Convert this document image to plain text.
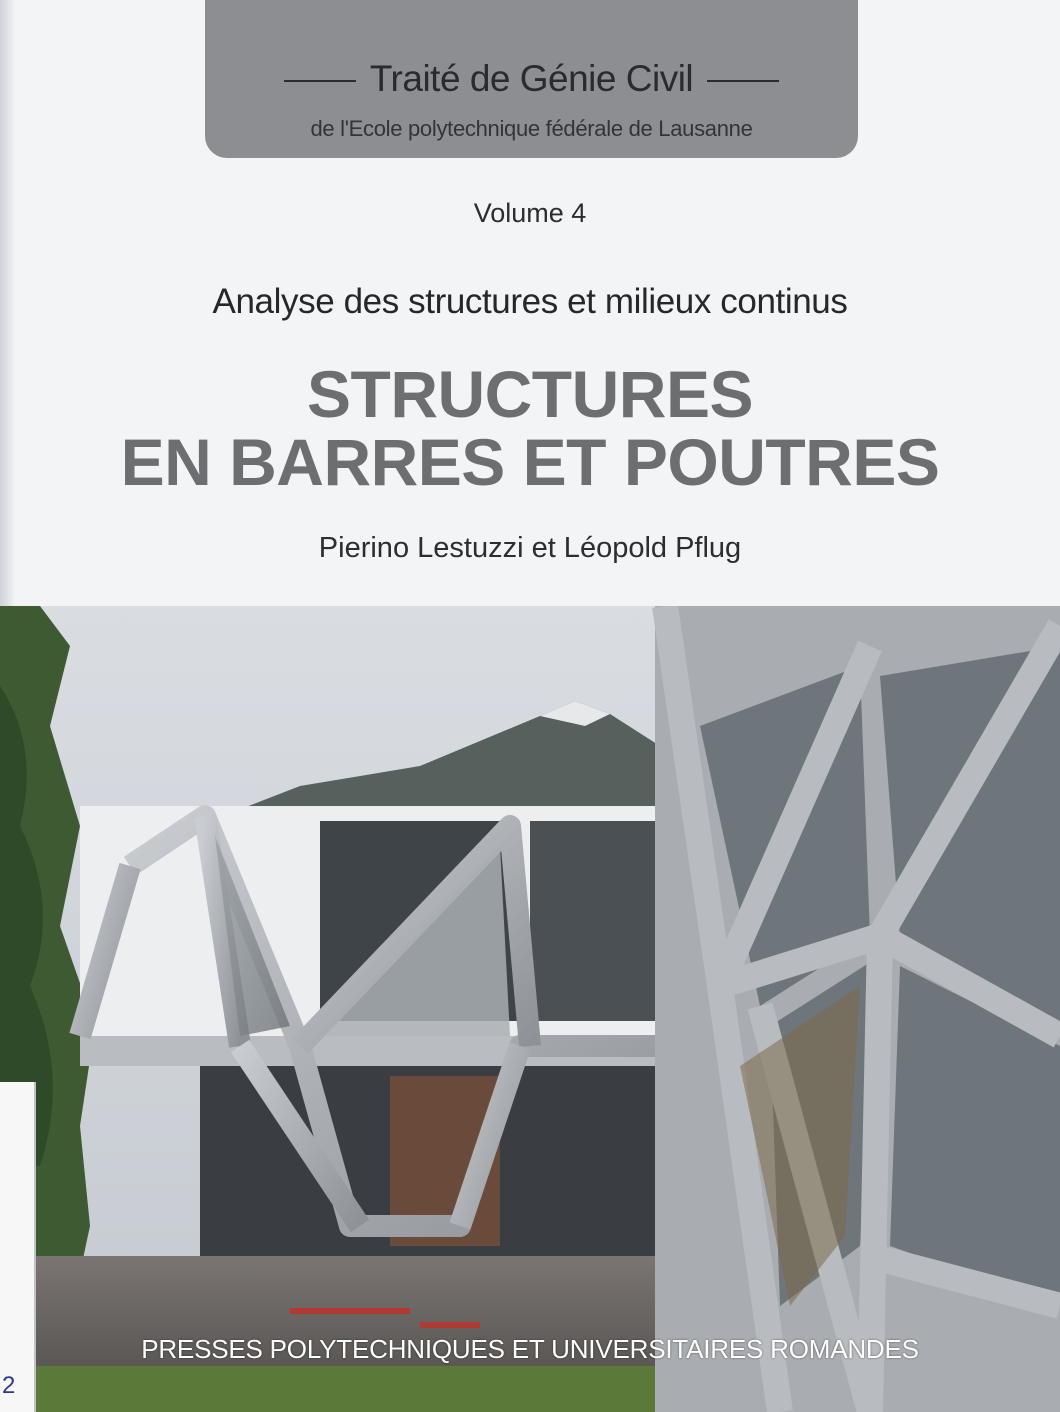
Traité de Génie Civil
de l'Ecole polytechnique fédérale de Lausanne
Volume 4
Analyse des structures et milieux continus
STRUCTURES
EN BARRES ET POUTRES
Pierino Lestuzzi et Léopold Pflug
PRESSES POLYTECHNIQUES ET UNIVERSITAIRES ROMANDES
2
